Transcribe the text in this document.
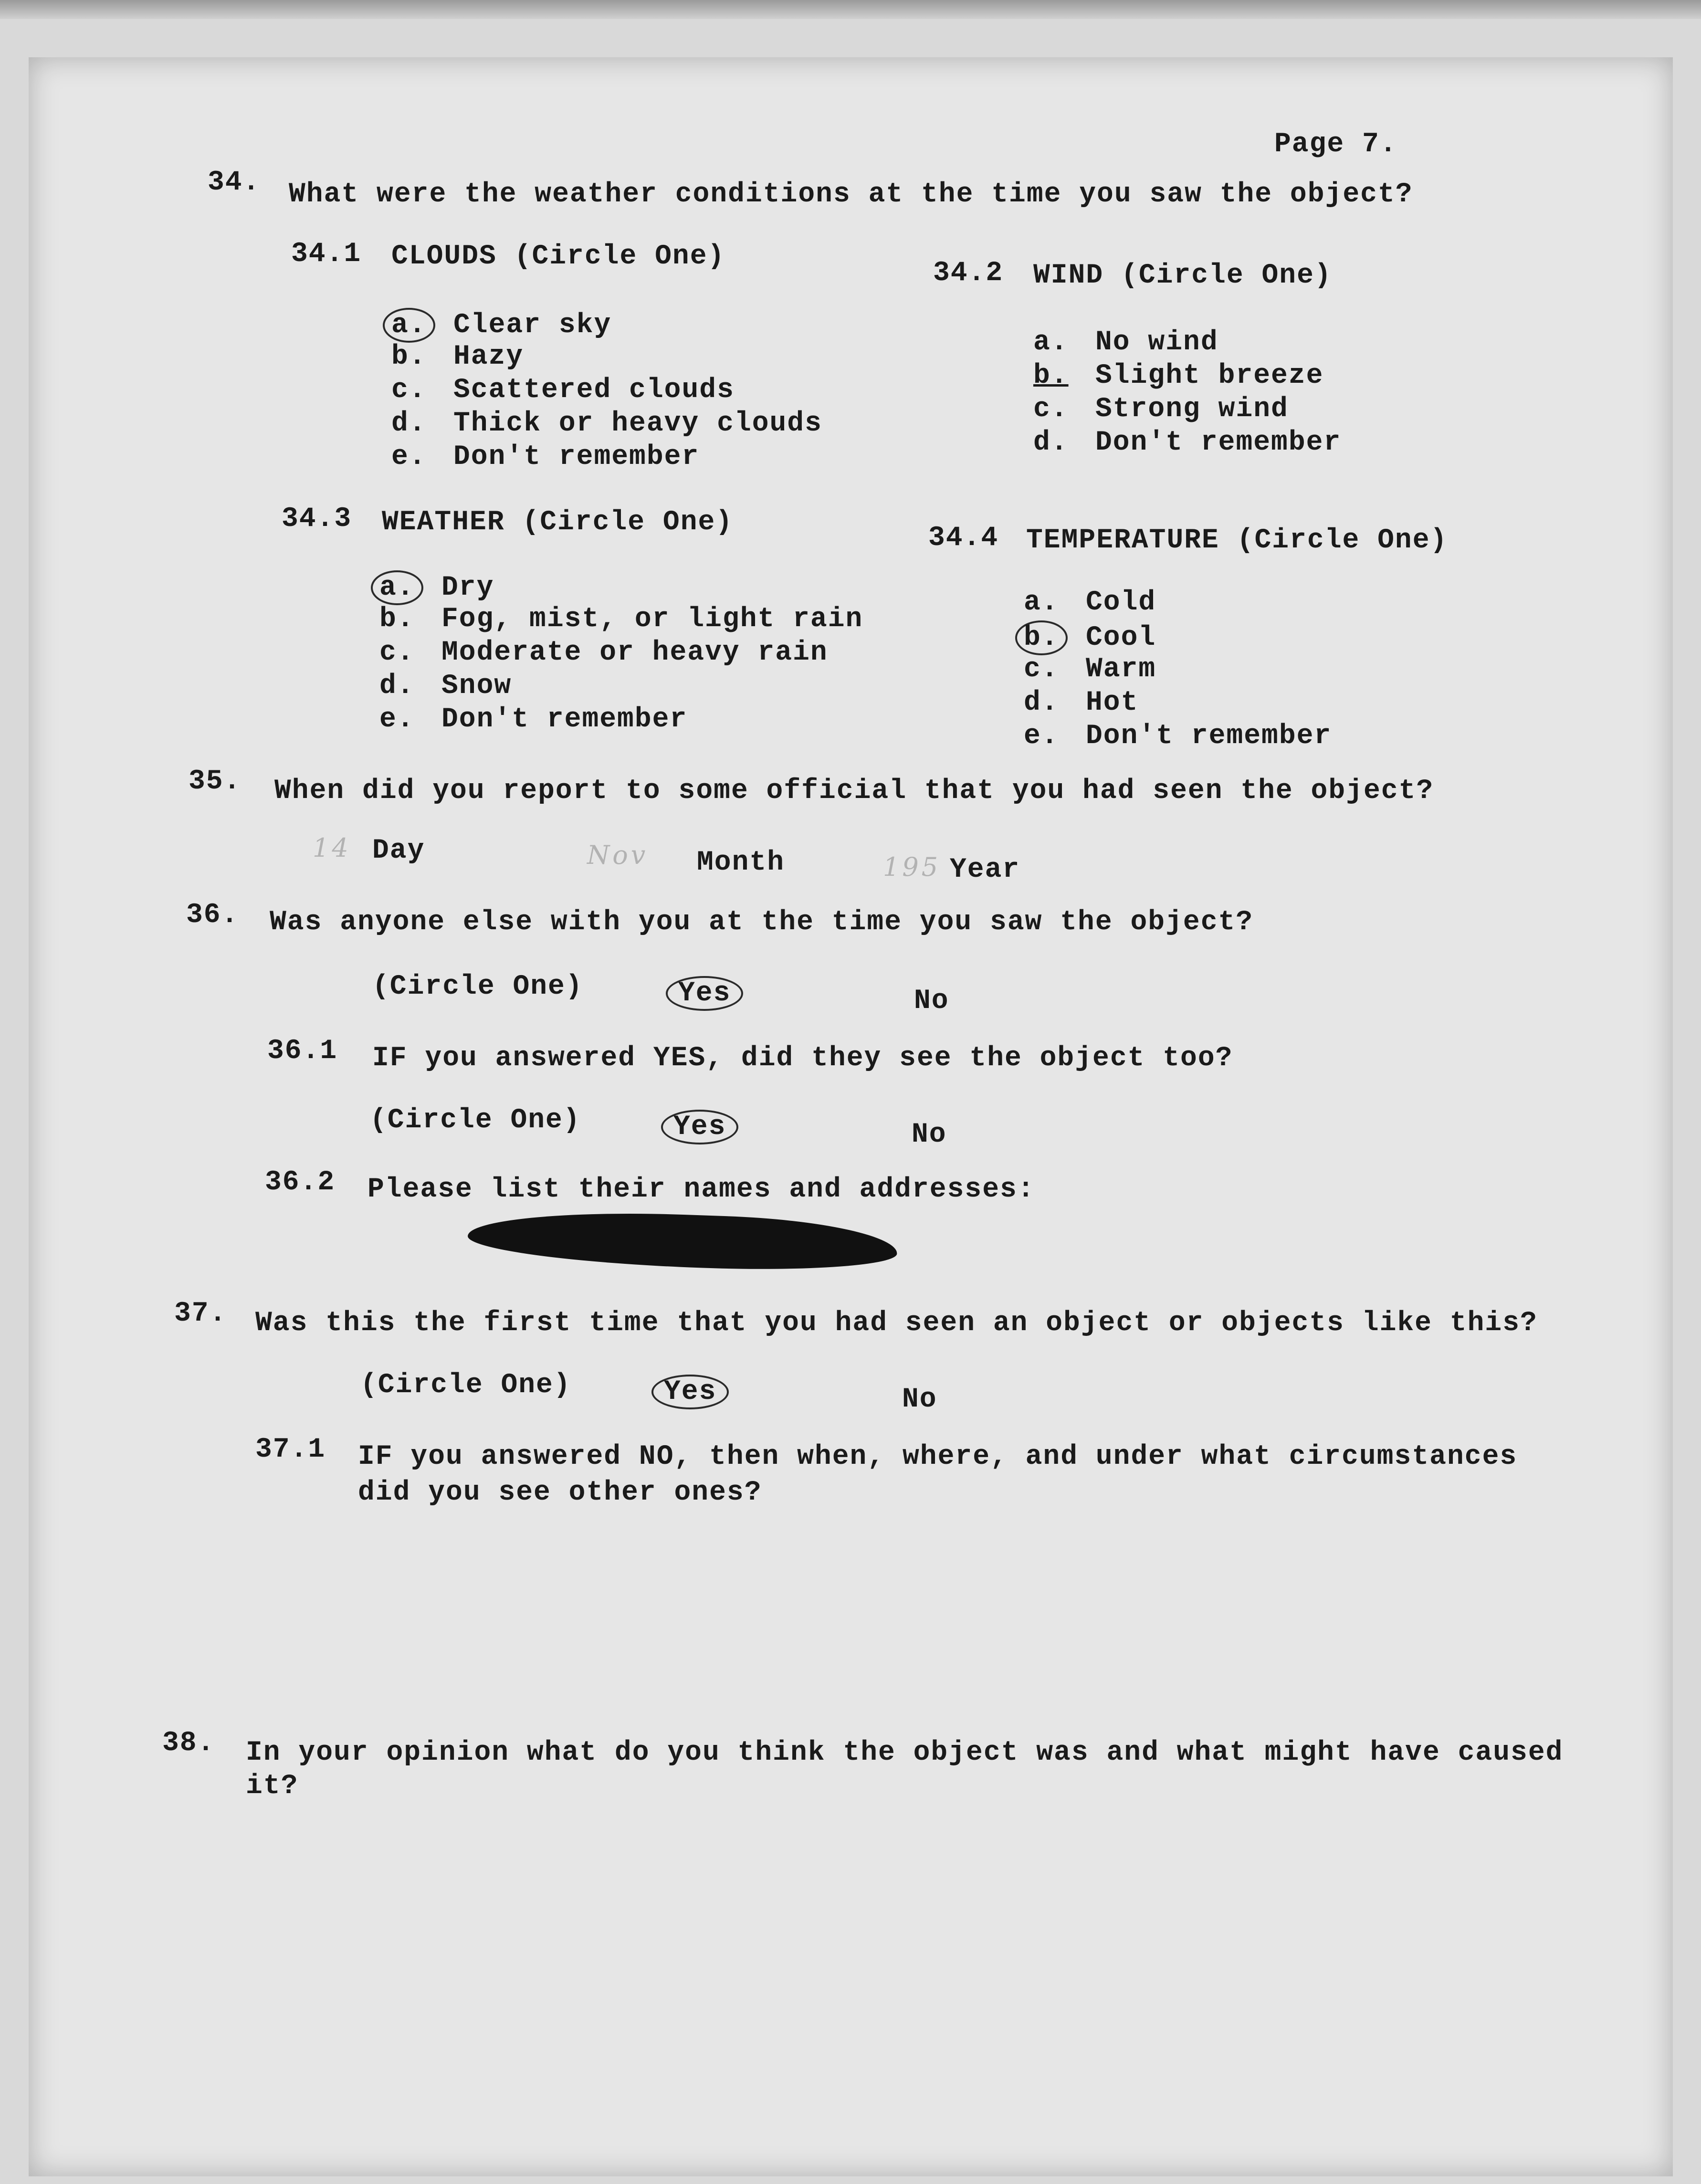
Page 7.
34. What were the weather conditions at the time you saw the object?
34.1 CLOUDS (Circle One)
a. Clear sky
b. Hazy
c. Scattered clouds
d. Thick or heavy clouds
e. Don't remember
34.2 WIND (Circle One)
a. No wind
b. Slight breeze
c. Strong wind
d. Don't remember
34.3 WEATHER (Circle One)
a. Dry
b. Fog, mist, or light rain
c. Moderate or heavy rain
d. Snow
e. Don't remember
34.4 TEMPERATURE (Circle One)
a. Cold
b. Cool
c. Warm
d. Hot
e. Don't remember
35. When did you report to some official that you had seen the object?
14 Day	Nov Month	195 Year
36. Was anyone else with you at the time you saw the object?
(Circle One)	Yes	No
36.1 IF you answered YES, did they see the object too?
(Circle One)	Yes	No
36.2 Please list their names and addresses:
37. Was this the first time that you had seen an object or objects like this?
(Circle One)	Yes	No
37.1 IF you answered NO, then when, where, and under what circumstances
did you see other ones?
38. In your opinion what do you think the object was and what might have caused
it?
